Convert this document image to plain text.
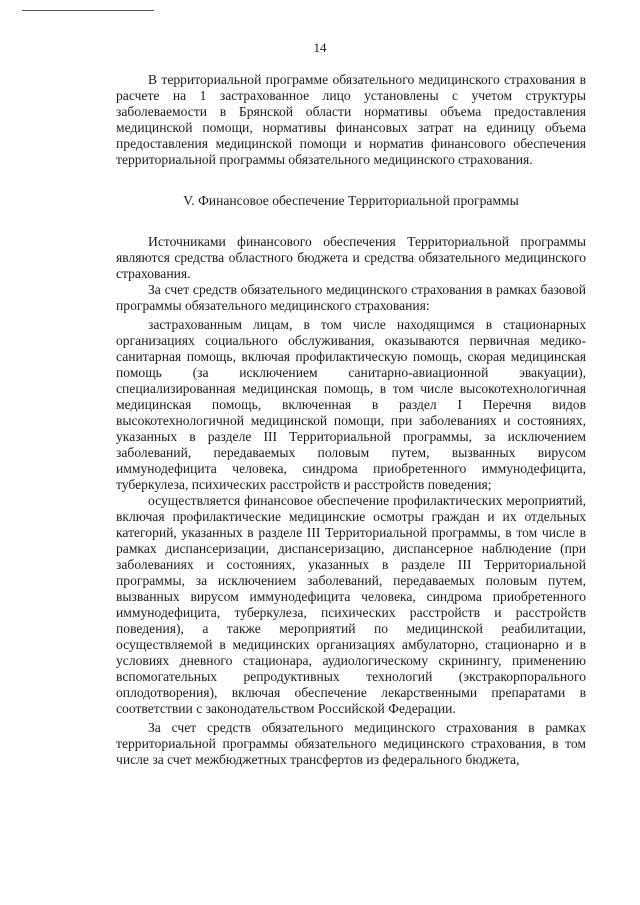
14

В территориальной программе обязательного медицинского страхования в расчете на 1 застрахованное лицо установлены с учетом структуры заболеваемости в Брянской области нормативы объема предоставления медицинской помощи, нормативы финансовых затрат на единицу объема предоставления медицинской помощи и норматив финансового обеспечения территориальной программы обязательного медицинского страхования.

V. Финансовое обеспечение Территориальной программы

Источниками финансового обеспечения Территориальной программы являются средства областного бюджета и средства обязательного медицинского страхования.

За счет средств обязательного медицинского страхования в рамках базовой программы обязательного медицинского страхования:

застрахованным лицам, в том числе находящимся в стационарных организациях социального обслуживания, оказываются первичная медико-санитарная помощь, включая профилактическую помощь, скорая медицинская помощь (за исключением санитарно-авиационной эвакуации), специализированная медицинская помощь, в том числе высокотехнологичная медицинская помощь, включенная в раздел I Перечня видов высокотехнологичной медицинской помощи, при заболеваниях и состояниях, указанных в разделе III Территориальной программы, за исключением заболеваний, передаваемых половым путем, вызванных вирусом иммунодефицита человека, синдрома приобретенного иммунодефицита, туберкулеза, психических расстройств и расстройств поведения;

осуществляется финансовое обеспечение профилактических мероприятий, включая профилактические медицинские осмотры граждан и их отдельных категорий, указанных в разделе III Территориальной программы, в том числе в рамках диспансеризации, диспансеризацию, диспансерное наблюдение (при заболеваниях и состояниях, указанных в разделе III Территориальной программы, за исключением заболеваний, передаваемых половым путем, вызванных вирусом иммунодефицита человека, синдрома приобретенного иммунодефицита, туберкулеза, психических расстройств и расстройств поведения), а также мероприятий по медицинской реабилитации, осуществляемой в медицинских организациях амбулаторно, стационарно и в условиях дневного стационара, аудиологическому скринингу, применению вспомогательных репродуктивных технологий (экстракорпорального оплодотворения), включая обеспечение лекарственными препаратами в соответствии с законодательством Российской Федерации.

За счет средств обязательного медицинского страхования в рамках территориальной программы обязательного медицинского страхования, в том числе за счет межбюджетных трансфертов из федерального бюджета,
